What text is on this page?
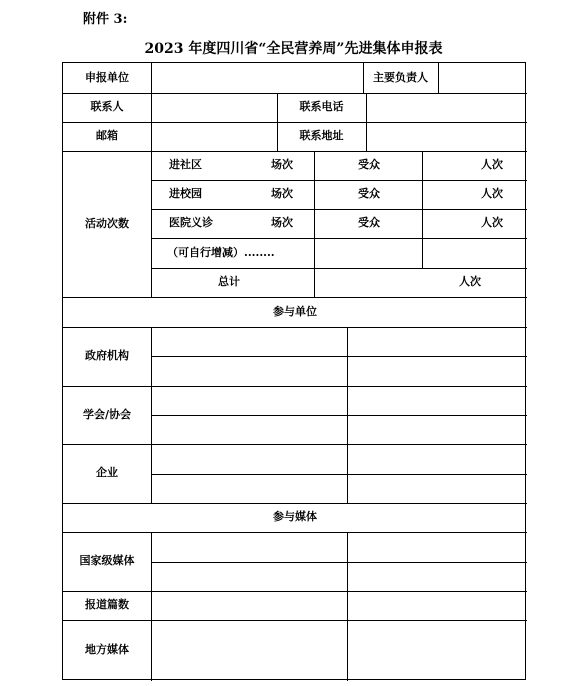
附件 3:
2023 年度四川省“全民营养周”先进集体申报表
申报单位	主要负责人
联系人	联系电话
邮箱	联系地址
活动次数
进社区	场次	受众	人次
进校园	场次	受众	人次
医院义诊	场次	受众	人次
（可自行增减）........
总计	人次
参与单位
政府机构
学会/协会
企业
参与媒体
国家级媒体
报道篇数
地方媒体
